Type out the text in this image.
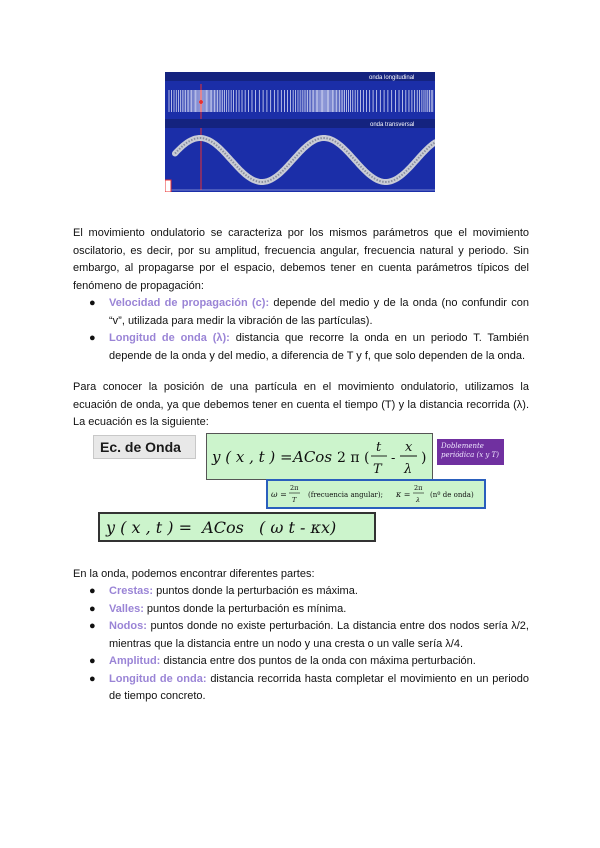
onda longitudinal
onda transversal

El movimiento ondulatorio se caracteriza por los mismos parámetros que el movimiento oscilatorio, es decir, por su amplitud, frecuencia angular, frecuencia natural y periodo. Sin embargo, al propagarse por el espacio, debemos tener en cuenta parámetros típicos del fenómeno de propagación:

● Velocidad de propagación (c): depende del medio y de la onda (no confundir con “v”, utilizada para medir la vibración de las partículas).
● Longitud de onda (λ): distancia que recorre la onda en un periodo T. También depende de la onda y del medio, a diferencia de T y f, que solo dependen de la onda.

Para conocer la posición de una partícula en el movimiento ondulatorio, utilizamos la ecuación de onda, ya que debemos tener en cuenta el tiempo (T) y la distancia recorrida (λ). La ecuación es la siguiente:

Ec. de Onda
y ( x , t ) = ACos 2 π (
t
T
-
x
λ
)
Doblemente periódica (x y T)
ω =
2π
T
(frecuencia angular); κ =
2π
λ
(nº de onda)
y ( x , t ) =  ACos   ( ω t - κx)

En la onda, podemos encontrar diferentes partes:

● Crestas: puntos donde la perturbación es máxima.
● Valles: puntos donde la perturbación es mínima.
● Nodos: puntos donde no existe perturbación. La distancia entre dos nodos sería λ/2, mientras que la distancia entre un nodo y una cresta o un valle sería λ/4.
● Amplitud: distancia entre dos puntos de la onda con máxima perturbación.
● Longitud de onda: distancia recorrida hasta completar el movimiento en un periodo de tiempo concreto.
